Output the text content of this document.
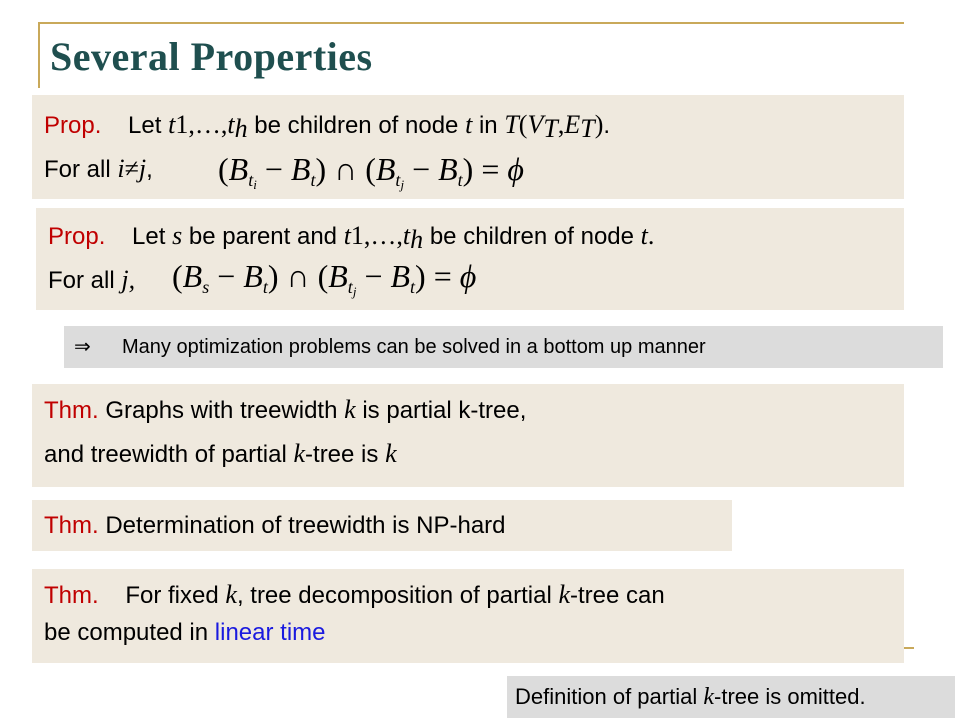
Several Properties
Prop. Let $t1,\dots,t_h$ be children of node t in $T(V_T,E_T)$.
For all i≠j, $(B_{t_i} - B_t)$ ∩ $(B_{t_j} - B_t) = \phi$
Prop. Let s be parent and $t1,\dots,t_h$ be children of node t.
For all j, $(B_s - B_t)$ ∩ $(B_{t_j} - B_t) = \phi$
⇒ Many optimization problems can be solved in a bottom up manner
Thm. Graphs with treewidth k is partial k-tree,
and treewidth of partial k-tree is k
Thm. Determination of treewidth is NP-hard
Thm. For fixed k, tree decomposition of partial k-tree can
be computed in linear time
Definition of partial k-tree is omitted.
